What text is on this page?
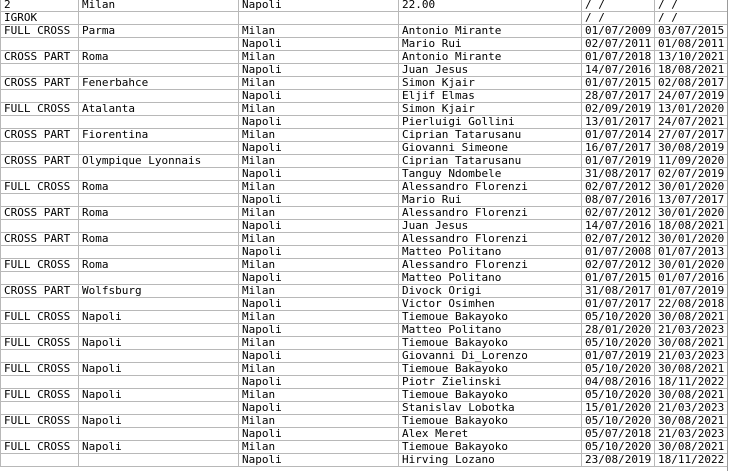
2	Milan	Napoli	22.00	/ /	/ /
IGROK				/ /	/ /
FULL CROSS	Parma	Milan	Antonio Mirante	01/07/2009	03/07/2015
		Napoli	Mario Rui	02/07/2011	01/08/2011
CROSS PART	Roma	Milan	Antonio Mirante	01/07/2018	13/10/2021
		Napoli	Juan Jesus	14/07/2016	18/08/2021
CROSS PART	Fenerbahce	Milan	Simon Kjair	01/07/2015	02/08/2017
		Napoli	Eljif Elmas	28/07/2017	24/07/2019
FULL CROSS	Atalanta	Milan	Simon Kjair	02/09/2019	13/01/2020
		Napoli	Pierluigi Gollini	13/01/2017	24/07/2021
CROSS PART	Fiorentina	Milan	Ciprian Tatarusanu	01/07/2014	27/07/2017
		Napoli	Giovanni Simeone	16/07/2017	30/08/2019
CROSS PART	Olympique Lyonnais	Milan	Ciprian Tatarusanu	01/07/2019	11/09/2020
		Napoli	Tanguy Ndombele	31/08/2017	02/07/2019
FULL CROSS	Roma	Milan	Alessandro Florenzi	02/07/2012	30/01/2020
		Napoli	Mario Rui	08/07/2016	13/07/2017
CROSS PART	Roma	Milan	Alessandro Florenzi	02/07/2012	30/01/2020
		Napoli	Juan Jesus	14/07/2016	18/08/2021
CROSS PART	Roma	Milan	Alessandro Florenzi	02/07/2012	30/01/2020
		Napoli	Matteo Politano	01/07/2008	01/07/2013
FULL CROSS	Roma	Milan	Alessandro Florenzi	02/07/2012	30/01/2020
		Napoli	Matteo Politano	01/07/2015	01/07/2016
CROSS PART	Wolfsburg	Milan	Divock Origi	31/08/2017	01/07/2019
		Napoli	Victor Osimhen	01/07/2017	22/08/2018
FULL CROSS	Napoli	Milan	Tiemoue Bakayoko	05/10/2020	30/08/2021
		Napoli	Matteo Politano	28/01/2020	21/03/2023
FULL CROSS	Napoli	Milan	Tiemoue Bakayoko	05/10/2020	30/08/2021
		Napoli	Giovanni Di_Lorenzo	01/07/2019	21/03/2023
FULL CROSS	Napoli	Milan	Tiemoue Bakayoko	05/10/2020	30/08/2021
		Napoli	Piotr Zielinski	04/08/2016	18/11/2022
FULL CROSS	Napoli	Milan	Tiemoue Bakayoko	05/10/2020	30/08/2021
		Napoli	Stanislav Lobotka	15/01/2020	21/03/2023
FULL CROSS	Napoli	Milan	Tiemoue Bakayoko	05/10/2020	30/08/2021
		Napoli	Alex Meret	05/07/2018	21/03/2023
FULL CROSS	Napoli	Milan	Tiemoue Bakayoko	05/10/2020	30/08/2021
		Napoli	Hirving Lozano	23/08/2019	18/11/2022
